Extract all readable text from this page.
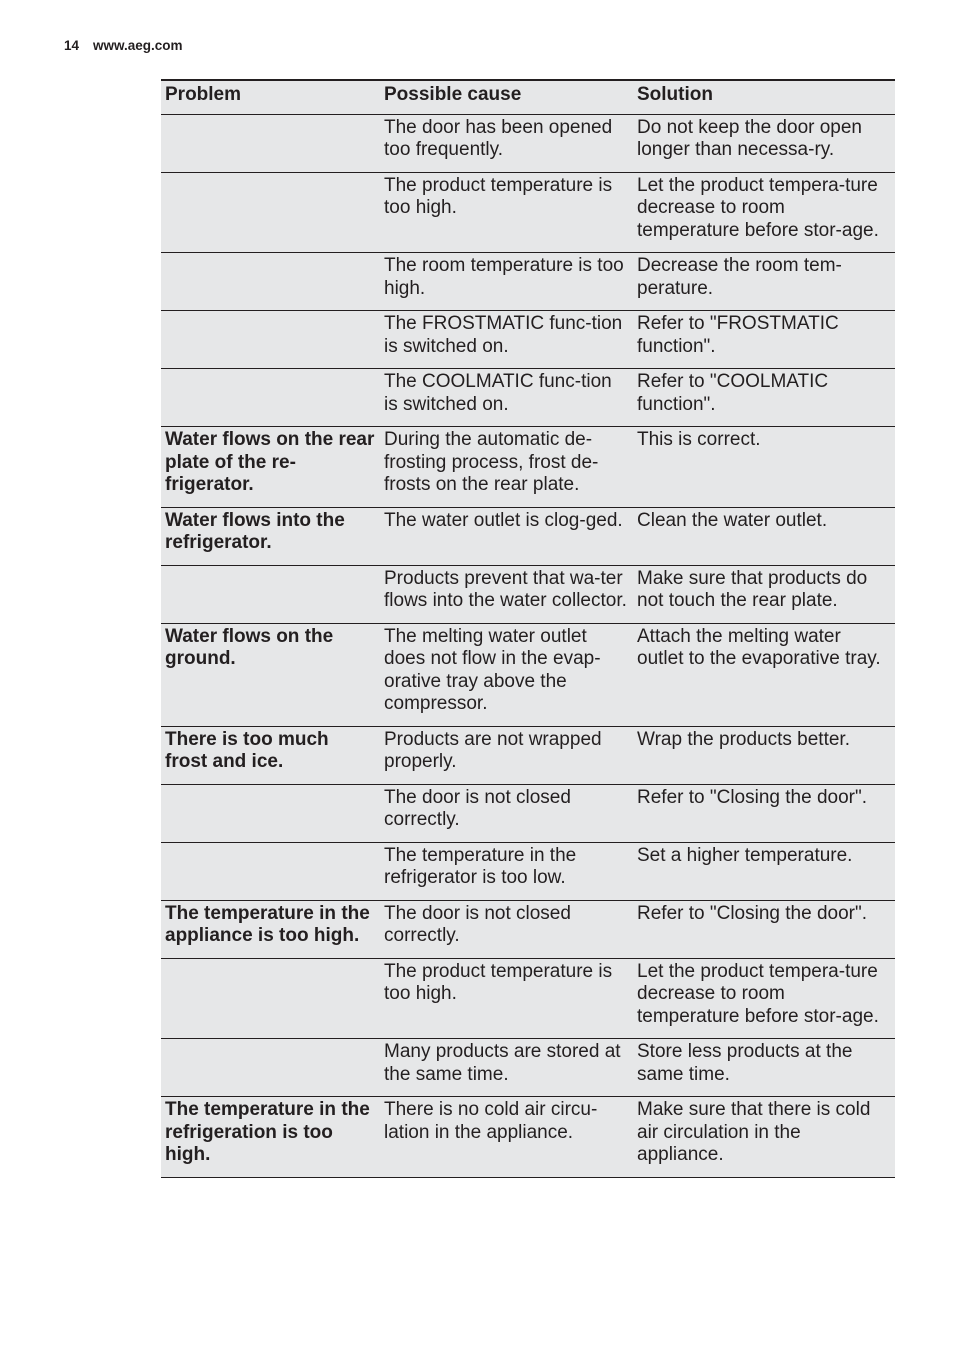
14 www.aeg.com
Problem	Possible cause	Solution
	The door has been opened too frequently.	Do not keep the door open longer than necessa-ry.
	The product temperature is too high.	Let the product tempera-ture decrease to room temperature before stor-age.
	The room temperature is too high.	Decrease the room tem-perature.
	The FROSTMATIC func-tion is switched on.	Refer to "FROSTMATIC function".
	The COOLMATIC func-tion is switched on.	Refer to "COOLMATIC function".
Water flows on the rear plate of the re-frigerator.	During the automatic de-frosting process, frost de-frosts on the rear plate.	This is correct.
Water flows into the refrigerator.	The water outlet is clog-ged.	Clean the water outlet.
	Products prevent that wa-ter flows into the water collector.	Make sure that products do not touch the rear plate.
Water flows on the ground.	The melting water outlet does not flow in the evap-orative tray above the compressor.	Attach the melting water outlet to the evaporative tray.
There is too much frost and ice.	Products are not wrapped properly.	Wrap the products better.
	The door is not closed correctly.	Refer to "Closing the door".
	The temperature in the refrigerator is too low.	Set a higher temperature.
The temperature in the appliance is too high.	The door is not closed correctly.	Refer to "Closing the door".
	The product temperature is too high.	Let the product tempera-ture decrease to room temperature before stor-age.
	Many products are stored at the same time.	Store less products at the same time.
The temperature in the refrigeration is too high.	There is no cold air circu-lation in the appliance.	Make sure that there is cold air circulation in the appliance.
